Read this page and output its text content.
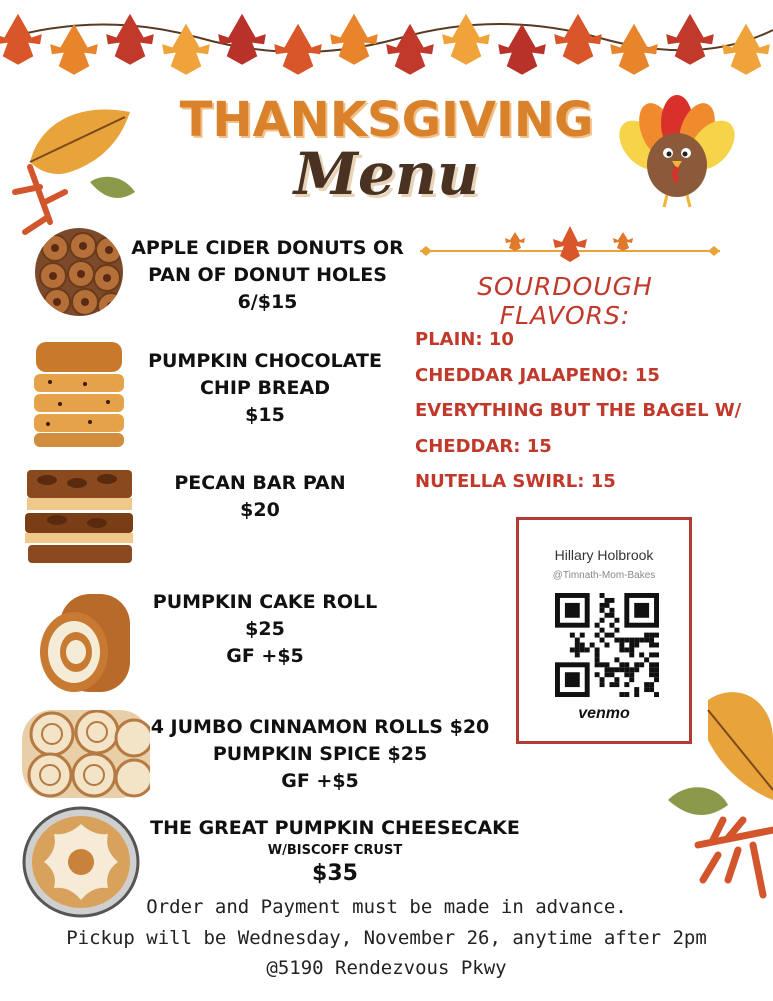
THANKSGIVING
Menu
APPLE CIDER DONUTS OR
PAN OF DONUT HOLES
6/$15
PUMPKIN CHOCOLATE
CHIP BREAD
$15
PECAN BAR PAN
$20
PUMPKIN CAKE ROLL
$25
GF +$5
4 JUMBO CINNAMON ROLLS $20
PUMPKIN SPICE $25
GF +$5
THE GREAT PUMPKIN CHEESECAKE
W/BISCOFF CRUST
$35
SOURDOUGH FLAVORS:
PLAIN: 10
CHEDDAR JALAPENO: 15
EVERYTHING BUT THE BAGEL W/
CHEDDAR: 15
NUTELLA SWIRL: 15
Hillary Holbrook
@Timnath-Mom-Bakes
venmo
Order and Payment must be made in advance.
Pickup will be Wednesday, November 26, anytime after 2pm
@5190 Rendezvous Pkwy
